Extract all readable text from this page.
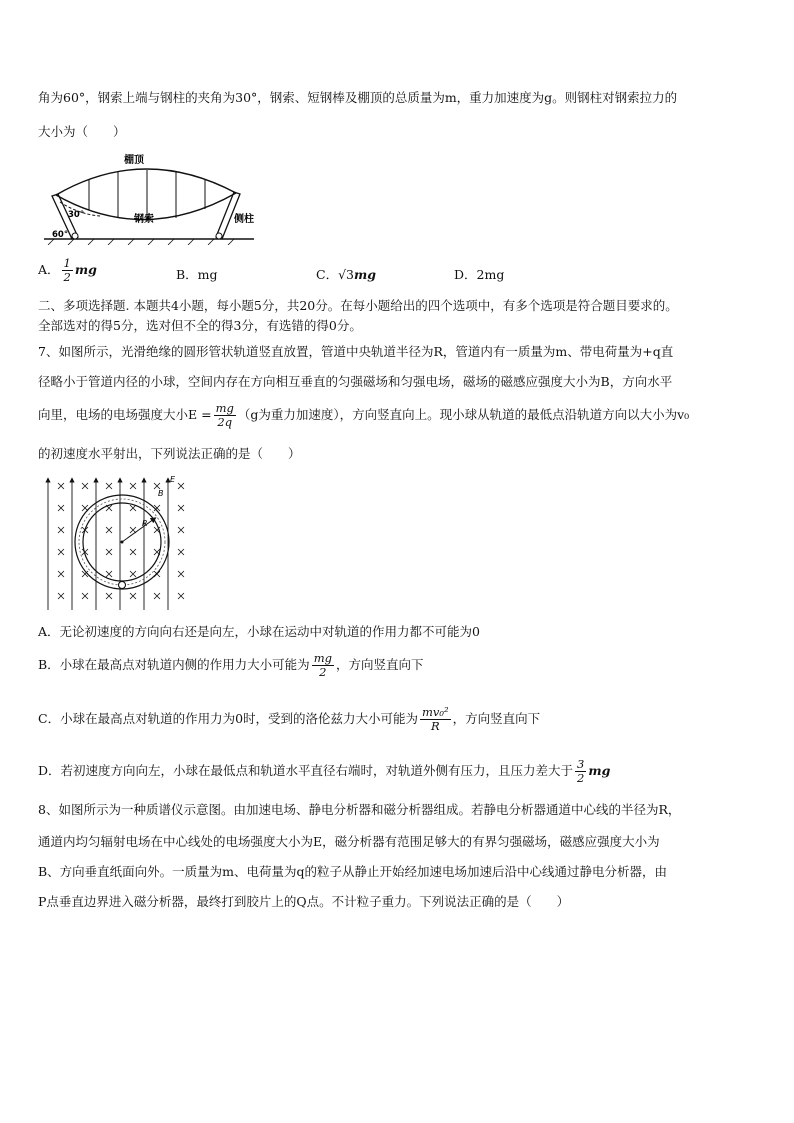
角为60°，钢索上端与钢柱的夹角为30°，钢索、短钢棒及棚顶的总质量为m，重力加速度为g。则钢柱对钢索拉力的
大小为（　　）
棚顶
钢索	侧柱
30°
60°
A． $\frac{1}{2}$ mg	B．mg	C．√3mg	D．2mg
二、多项选择题. 本题共4小题，每小题5分，共20分。在每小题给出的四个选项中，有多个选项是符合题目要求的。
全部选对的得5分，选对但不全的得3分，有选错的得0分。
7、如图所示，光滑绝缘的圆形管状轨道竖直放置，管道中央轨道半径为R，管道内有一质量为m、带电荷量为+q直
径略小于管道内径的小球，空间内存在方向相互垂直的匀强磁场和匀强电场，磁场的磁感应强度大小为B，方向水平
向里，电场的电场强度大小$E = \frac{mg}{2q} (g$为重力加速度），方向竖直向上。现小球从轨道的最低点沿轨道方向以大小为v₀
的初速度水平射出，下列说法正确的是（　　）
E
B
R
A．无论初速度的方向向右还是向左，小球在运动中对轨道的作用力都不可能为0
B．小球在最高点对轨道内侧的作用力大小可能为 $\frac{mg}{2}$ ，方向竖直向下
C．小球在最高点对轨道的作用力为0时，受到的洛伦兹力大小可能为 $\frac{\text{mv₀²}}{R}$ ，方向竖直向下
D．若初速度方向向左，小球在最低点和轨道水平直径右端时，对轨道外侧有压力，且压力差大于 $\frac{3}{2}$ mg
8、如图所示为一种质谱仪示意图。由加速电场、静电分析器和磁分析器组成。若静电分析器通道中心线的半径为R，
通道内均匀辐射电场在中心线处的电场强度大小为E，磁分析器有范围足够大的有界匀强磁场，磁感应强度大小为
B、方向垂直纸面向外。一质量为m、电荷量为q的粒子从静止开始经加速电场加速后沿中心线通过静电分析器，由
P点垂直边界进入磁分析器，最终打到胶片上的Q点。不计粒子重力。下列说法正确的是（　　）
